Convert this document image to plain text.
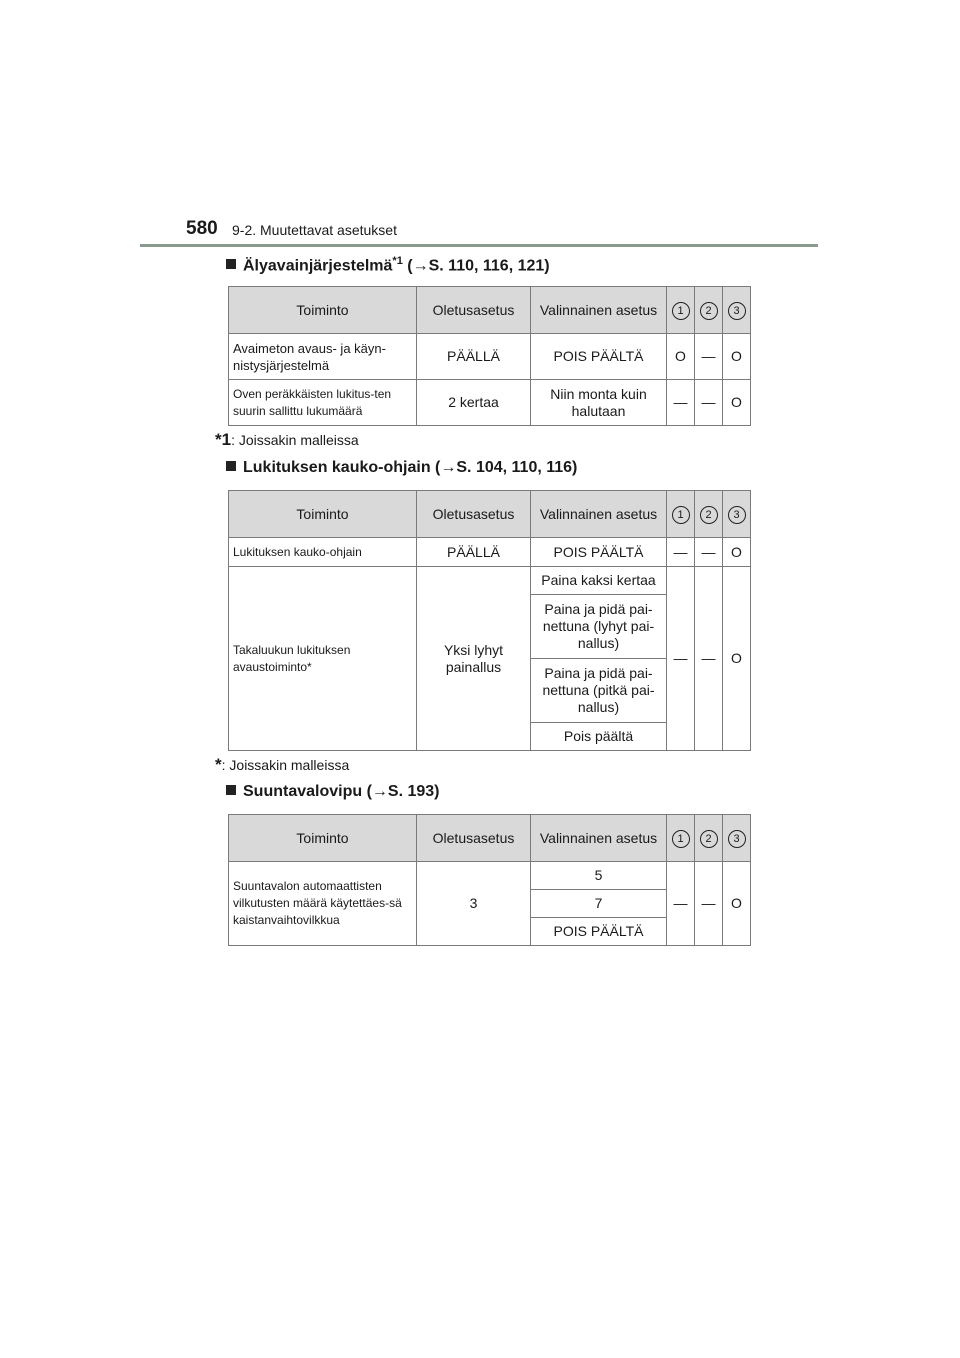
580 9-2. Muutettavat asetukset
Älyavainjärjestelmä$^{*1}$ (→S. 110, 116, 121)
Toiminto	Oletusasetus	Valinnainen asetus	1	2	3
Avaimeton avaus- ja käyn-nistysjärjestelmä	PÄÄLLÄ	POIS PÄÄLTÄ	O	—	O
Oven peräkkäisten lukitus-ten suurin sallittu lukumäärä	2 kertaa	Niin monta kuin halutaan	—	—	O
*1: Joissakin malleissa
Lukituksen kauko-ohjain (→S. 104, 110, 116)
Toiminto	Oletusasetus	Valinnainen asetus	1	2	3
Lukituksen kauko-ohjain	PÄÄLLÄ	POIS PÄÄLTÄ	—	—	O
Takaluukun lukituksen avaustoiminto*	Yksi lyhyt painallus	Paina kaksi kertaa	—	—	O
		Paina ja pidä pai-nettuna (lyhyt pai-nallus)			
		Paina ja pidä pai-nettuna (pitkä pai-nallus)			
		Pois päältä			
*: Joissakin malleissa
Suuntavalovipu (→S. 193)
Toiminto	Oletusasetus	Valinnainen asetus	1	2	3
Suuntavalon automaattisten vilkutusten määrä käytettäes-sä kaistanvaihtovilkkua	3	5	—	—	O
		7			
		POIS PÄÄLTÄ			
